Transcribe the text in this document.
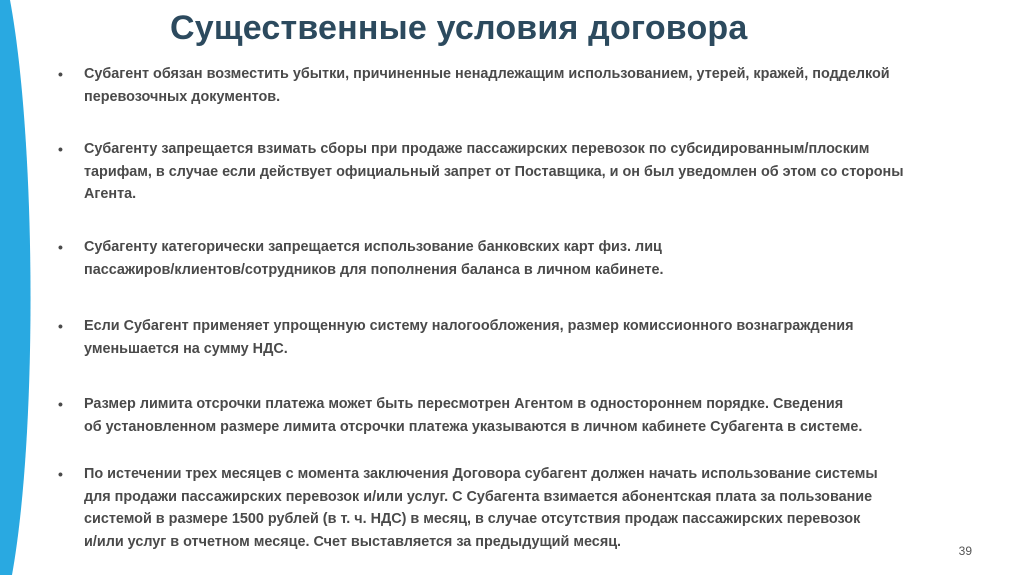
Существенные условия договора
•	Субагент обязан возместить убытки, причиненные ненадлежащим использованием, утерей, кражей, подделкой
перевозочных документов.
•	Субагенту запрещается взимать сборы при продаже пассажирских перевозок по субсидированным/плоским
тарифам, в случае если действует официальный запрет от Поставщика, и он был уведомлен об этом со стороны
Агента.
•	Субагенту категорически запрещается использование банковских карт физ. лиц
пассажиров/клиентов/сотрудников для пополнения баланса в личном кабинете.
•	Если Субагент применяет упрощенную систему налогообложения, размер комиссионного вознаграждения
уменьшается на сумму НДС.
•	Размер лимита отсрочки платежа может быть пересмотрен Агентом в одностороннем порядке. Сведения
об установленном размере лимита отсрочки платежа указываются в личном кабинете Субагента в системе.
•	По истечении трех месяцев с момента заключения Договора субагент должен начать использование системы
для продажи пассажирских перевозок и/или услуг. С Субагента взимается абонентская плата за пользование
системой в размере 1500 рублей (в т. ч. НДС) в месяц, в случае отсутствия продаж пассажирских перевозок
и/или услуг в отчетном месяце. Счет выставляется за предыдущий месяц.
39
